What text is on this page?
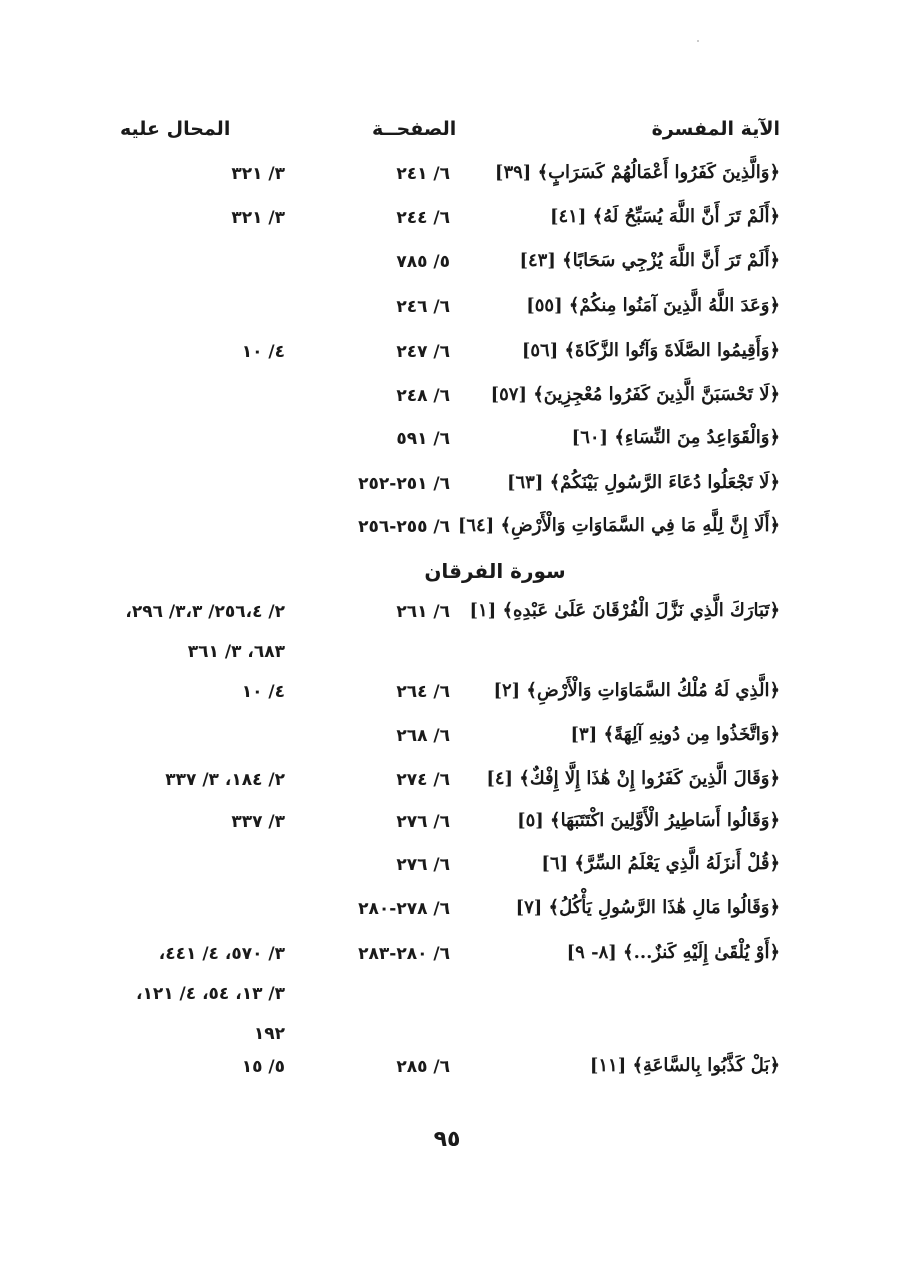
الآية المفسرة
الصفحــة
المحال عليه
﴿وَالَّذِينَ كَفَرُوا أَعْمَالُهُمْ كَسَرَابٍ﴾ [٣٩]
٦/ ٢٤١
٣/ ٣٢١
﴿أَلَمْ تَرَ أَنَّ اللَّهَ يُسَبِّحُ لَهُ﴾ [٤١]
٦/ ٢٤٤
٣/ ٣٢١
﴿أَلَمْ تَرَ أَنَّ اللَّهَ يُزْجِي سَحَابًا﴾ [٤٣]
٥/ ٧٨٥
﴿وَعَدَ اللَّهُ الَّذِينَ آمَنُوا مِنكُمْ﴾ [٥٥]
٦/ ٢٤٦
﴿وَأَقِيمُوا الصَّلَاةَ وَآتُوا الزَّكَاةَ﴾ [٥٦]
٦/ ٢٤٧
٤/ ١٠
﴿لَا تَحْسَبَنَّ الَّذِينَ كَفَرُوا مُعْجِزِينَ﴾ [٥٧]
٦/ ٢٤٨
﴿وَالْقَوَاعِدُ مِنَ النِّسَاءِ﴾ [٦٠]
٦/ ٥٩١
﴿لَا تَجْعَلُوا دُعَاءَ الرَّسُولِ بَيْنَكُمْ﴾ [٦٣]
٦/ ٢٥١-٢٥٢
﴿أَلَا إِنَّ لِلَّهِ مَا فِي السَّمَاوَاتِ وَالْأَرْضِ﴾ [٦٤]
٦/ ٢٥٥-٢٥٦
سورة الفرقان
﴿تَبَارَكَ الَّذِي نَزَّلَ الْفُرْقَانَ عَلَىٰ عَبْدِهِ﴾ [١]
٦/ ٢٦١
٢/ ٢٥٦،٤/ ٣،٣/ ٢٩٦،
٦٨٣، ٣/ ٣٦١
﴿الَّذِي لَهُ مُلْكُ السَّمَاوَاتِ وَالْأَرْضِ﴾ [٢]
٦/ ٢٦٤
٤/ ١٠
﴿وَاتَّخَذُوا مِن دُونِهِ آلِهَةً﴾ [٣]
٦/ ٢٦٨
﴿وَقَالَ الَّذِينَ كَفَرُوا إِنْ هَٰذَا إِلَّا إِفْكٌ﴾ [٤]
٦/ ٢٧٤
٢/ ١٨٤، ٣/ ٣٣٧
﴿وَقَالُوا أَسَاطِيرُ الْأَوَّلِينَ اكْتَتَبَهَا﴾ [٥]
٦/ ٢٧٦
٣/ ٣٣٧
﴿قُلْ أَنزَلَهُ الَّذِي يَعْلَمُ السِّرَّ﴾ [٦]
٦/ ٢٧٦
﴿وَقَالُوا مَالِ هَٰذَا الرَّسُولِ يَأْكُلُ﴾ [٧]
٦/ ٢٧٨-٢٨٠
﴿أَوْ يُلْقَىٰ إِلَيْهِ كَنزٌ...﴾ [٨- ٩]
٦/ ٢٨٠-٢٨٣
٣/ ٥٧٠، ٤/ ٤٤١،
٣/ ١٣، ٥٤، ٤/ ١٢١،
١٩٢
﴿بَلْ كَذَّبُوا بِالسَّاعَةِ﴾ [١١]
٦/ ٢٨٥
٥/ ١٥
٩٥
